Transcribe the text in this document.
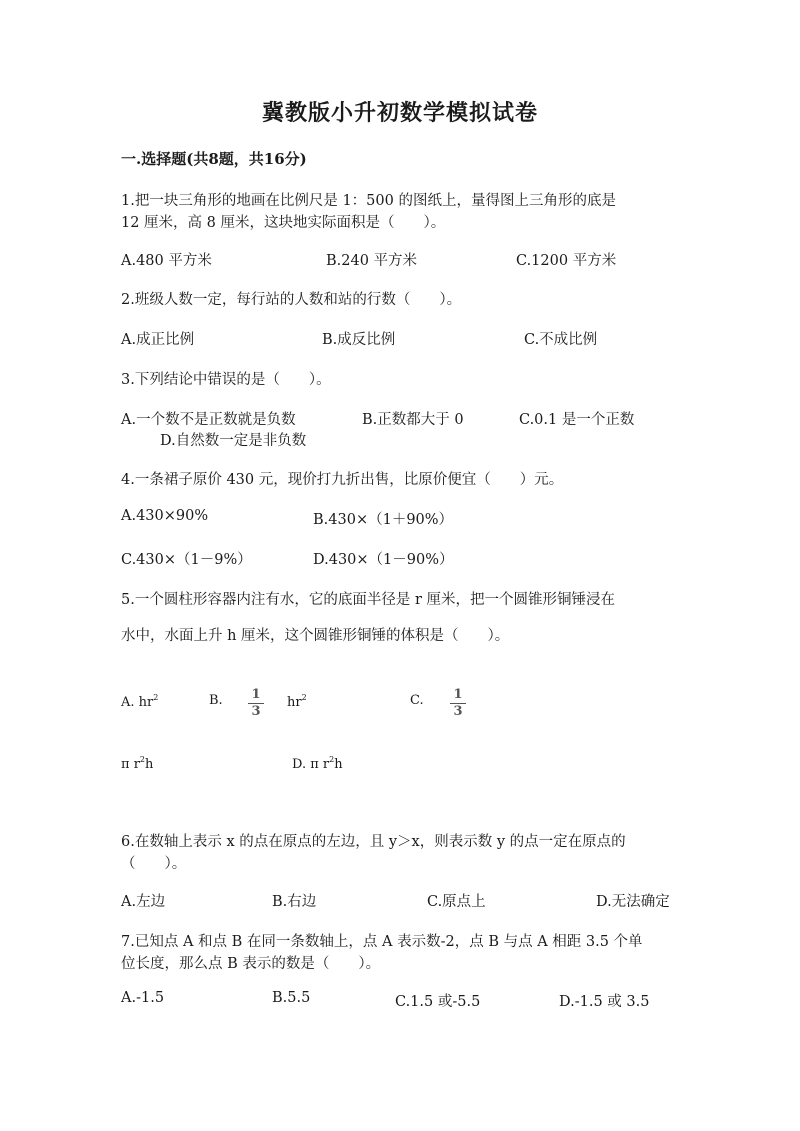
冀教版小升初数学模拟试卷
一.选择题(共8题，共16分)
1.把一块三角形的地画在比例尺是 1：500 的图纸上，量得图上三角形的底是
12 厘米，高 8 厘米，这块地实际面积是（　　）。
A.480 平方米	B.240 平方米	C.1200 平方米
2.班级人数一定，每行站的人数和站的行数（　　）。
A.成正比例	B.成反比例	C.不成比例
3.下列结论中错误的是（　　）。
A.一个数不是正数就是负数	B.正数都大于 0	C.0.1 是一个正数
D.自然数一定是非负数
4.一条裙子原价 430 元，现价打九折出售，比原价便宜（　　）元。
A.430×90%	B.430×（1＋90%）
C.430×（1－9%）	D.430×（1－90%）
5.一个圆柱形容器内注有水，它的底面半径是 r 厘米，把一个圆锥形铜锤浸在
水中，水面上升 h 厘米，这个圆锥形铜锤的体积是（　　）。
A. $hr^2$	B. 1
3
$hr^2$	C. 1
3
π $r^2h$	D. π $r^2h$
6.在数轴上表示 x 的点在原点的左边，且 y＞x，则表示数 y 的点一定在原点的
（　　）。
A.左边	B.右边	C.原点上	D.无法确定
7.已知点 A 和点 B 在同一条数轴上，点 A 表示数-2，点 B 与点 A 相距 3.5 个单
位长度，那么点 B 表示的数是（　　）。
A.-1.5	B.5.5	C.1.5 或-5.5	D.-1.5 或 3.5
